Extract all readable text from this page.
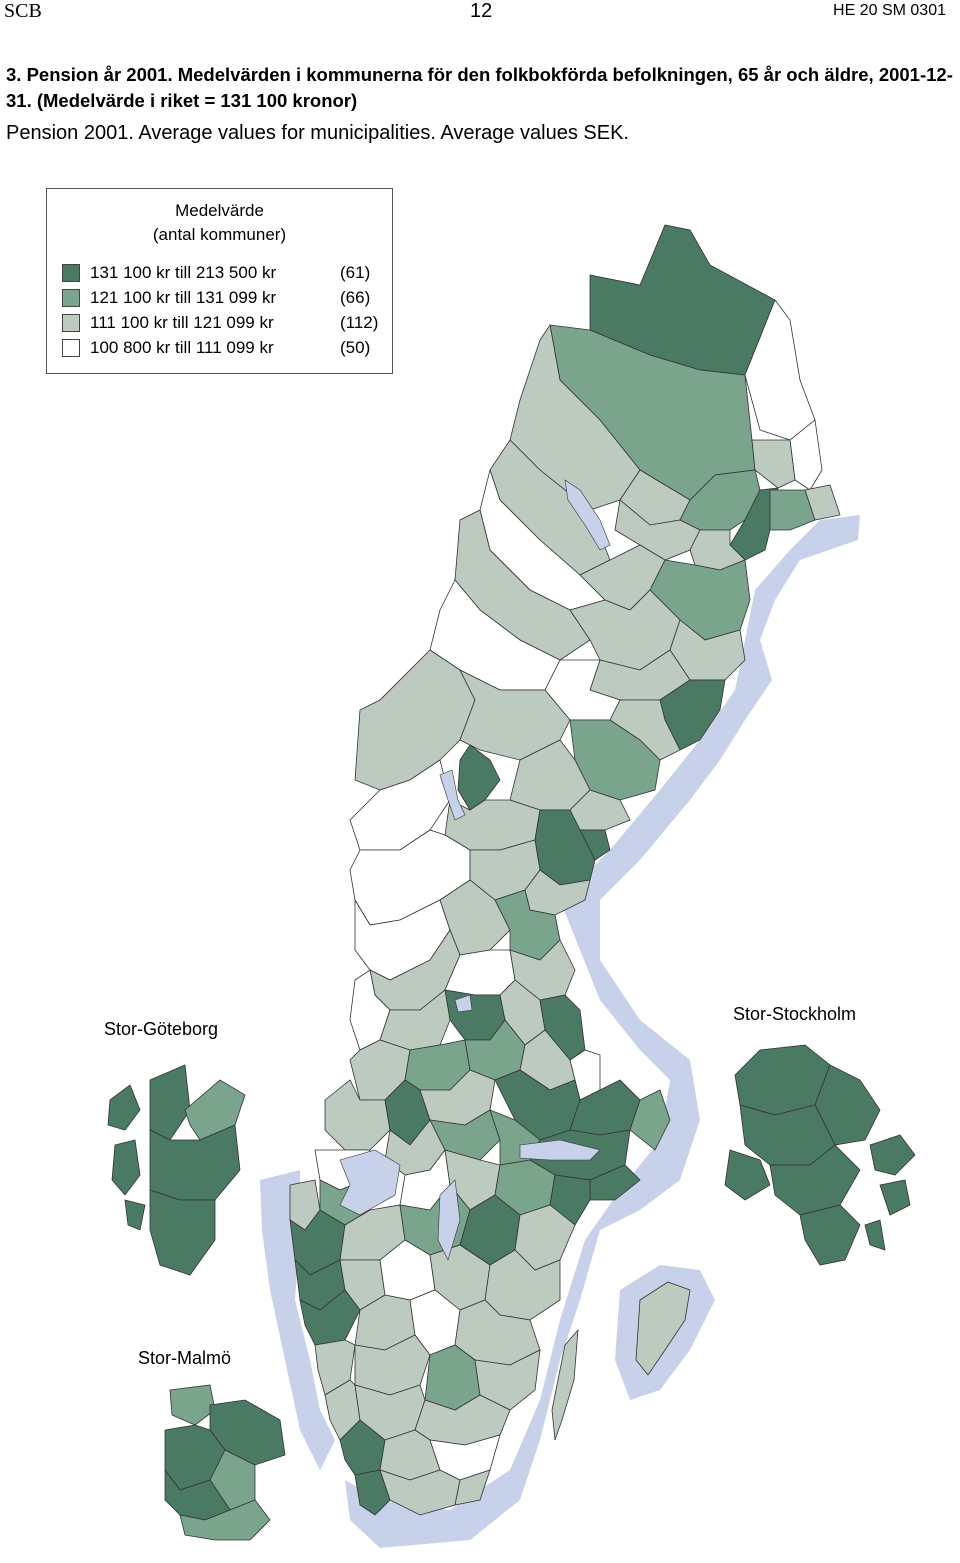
SCB	12	HE 20 SM 0301
3. Pension år 2001. Medelvärden i kommunerna för den folkbokförda befolkningen, 65 år och äldre, 2001-12-31. (Medelvärde i riket = 131 100 kronor)
Pension 2001. Average values for municipalities. Average values SEK.
Medelvärde
(antal kommuner)
131 100 kr till 213 500 kr	(61)
121 100 kr till 131 099 kr	(66)
111 100 kr till 121 099 kr	(112)
100 800 kr till 111 099 kr	(50)
Stor-Göteborg
Stor-Stockholm
Stor-Malmö
